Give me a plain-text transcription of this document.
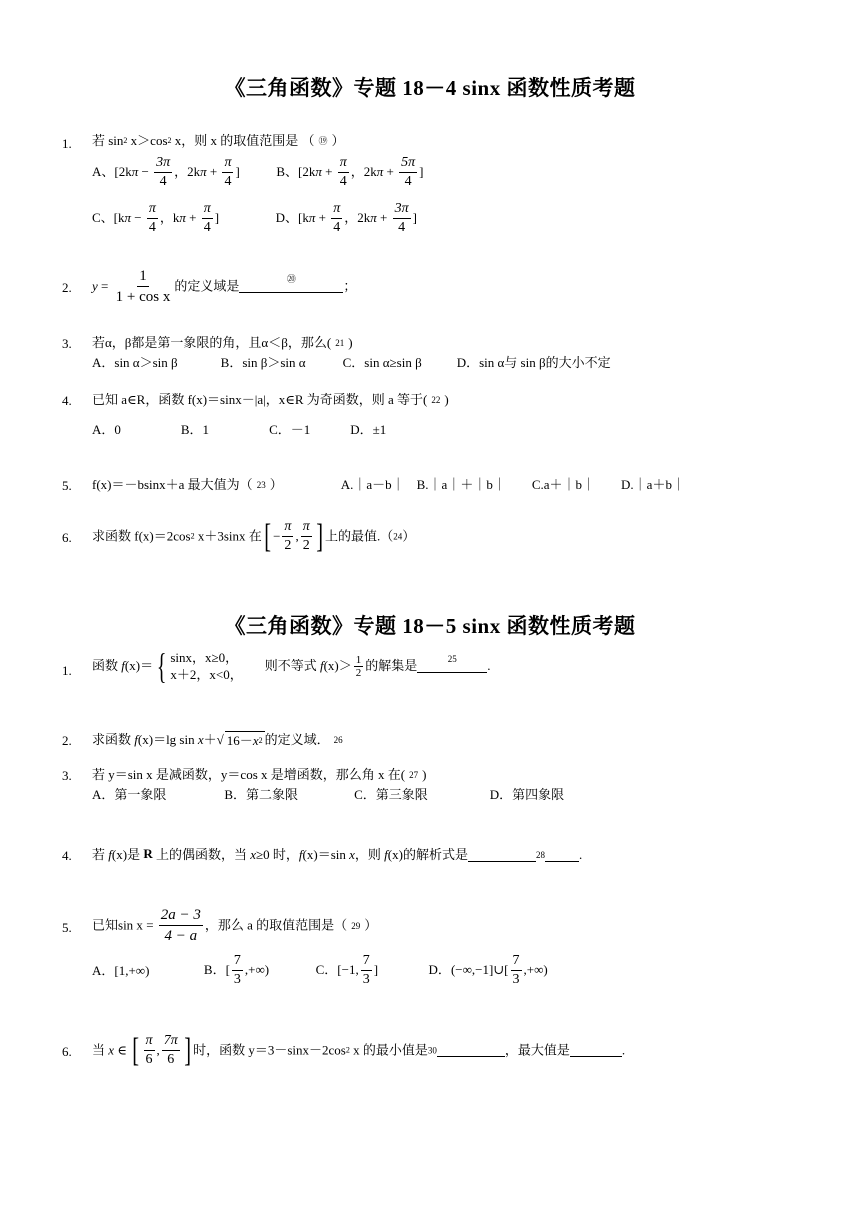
《三角函数》专题 18－4 sinx 函数性质考题
1. 若 sin2 x＞cos2 x，则 x 的取值范围是 （ ⑲ ）
A、[$2k\pi - \frac{3\pi}{4}$ ，$2k\pi + \frac{\pi}{4}$ ]	B、[$2k\pi + \frac{\pi}{4}$ ，$2k\pi + \frac{5\pi}{4}$ ]
C、[$k\pi - \frac{\pi}{4}$ ，$k\pi + \frac{\pi}{4}$ ]	D、[$k\pi + \frac{\pi}{4}$ ，$2k\pi + \frac{3\pi}{4}$ ]
2. $y = \frac{1}{\text{1 + cos x}}$ 的定义域是	⑳	；
3. 若α，β都是第一象限的角，且α＜β，那么( 21 )
A．sin α＞sin β	B．sin β＞sin α	C．sin α≥sin β	D．sin α与 sin β的大小不定
4. 已知 a∈R，函数 f(x)＝sinx－|a|，x∈R 为奇函数，则 a 等于( 22 )
A．0	B．1	C．－1	D．±1
5. f(x)＝－bsinx＋a 最大值为（ 23 ）	A.｜a－b｜ B.｜a｜＋｜b｜ C.a＋｜b｜ D.｜a＋b｜
6. 求函数 f(x)＝2cos2 x＋3sinx 在[ − $\frac{\pi}{2}$ , $\frac{\pi}{2}$ ] 上的最值.（24）
《三角函数》专题 18－5 sinx 函数性质考题
1. 函数 f(x)＝ { sinx，x≥0，
x＋2，x<0，
则不等式 $f(x)> \frac{1}{2}$ 的解集是	25 .
2. 求函数 f(x)＝lg sin x＋√ 16－x2 的定义域． 26
3. 若 y＝sin x 是减函数，y＝cos x 是增函数，那么角 x 在( 27 )
A．第一象限	B．第二象限	C．第三象限	D．第四象限
4. 若 f(x)是 R 上的偶函数，当 x≥0 时，f(x)＝sin x，则 f(x)的解析式是	28	.
5. 已知$\sin x = \frac{2a - 3}{4 - a}$ ，那么 a 的取值范围是（ 29 ）
A．[1,+∞)	B．[ $\frac{7}{3}$ ,+∞)	C．[−1, $\frac{7}{3}$ ]	D．(−∞,−1]∪[ $\frac{7}{3}$ ,+∞)
6. 当 x ∈ [ $\frac{\pi}{6}$ , $\frac{7\pi}{6}$ ] 时，函数 y＝3－sinx－2cos2 x 的最小值是30	，最大值是	.
